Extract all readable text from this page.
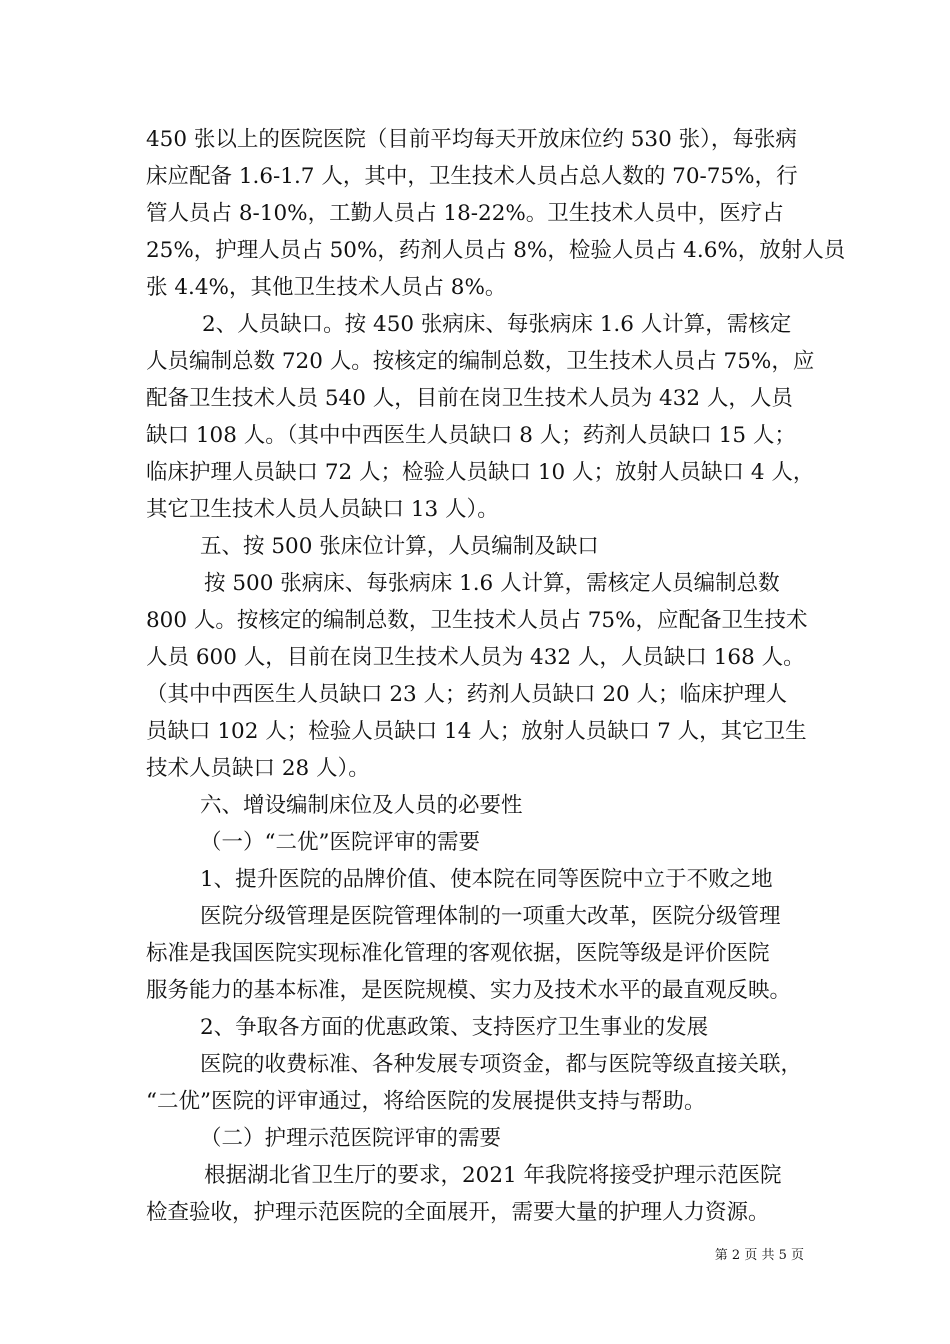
450 张以上的医院医院（目前平均每天开放床位约 530 张），每张病
床应配备 1.6-1.7 人，其中，卫生技术人员占总人数的 70-75%，行
管人员占 8-10%，工勤人员占 18-22%。卫生技术人员中，医疗占
25%，护理人员占 50%，药剂人员占 8%，检验人员占 4.6%，放射人员
张 4.4%，其他卫生技术人员占 8%。
2、人员缺口。按 450 张病床、每张病床 1.6 人计算，需核定
人员编制总数 720 人。按核定的编制总数，卫生技术人员占 75%，应
配备卫生技术人员 540 人，目前在岗卫生技术人员为 432 人，人员
缺口 108 人。（其中中西医生人员缺口 8 人；药剂人员缺口 15 人；
临床护理人员缺口 72 人；检验人员缺口 10 人；放射人员缺口 4 人，
其它卫生技术人员人员缺口 13 人）。
五、按 500 张床位计算，人员编制及缺口
按 500 张病床、每张病床 1.6 人计算，需核定人员编制总数
800 人。按核定的编制总数，卫生技术人员占 75%，应配备卫生技术
人员 600 人，目前在岗卫生技术人员为 432 人，人员缺口 168 人。
（其中中西医生人员缺口 23 人；药剂人员缺口 20 人；临床护理人
员缺口 102 人；检验人员缺口 14 人；放射人员缺口 7 人，其它卫生
技术人员缺口 28 人）。
六、增设编制床位及人员的必要性
（一）“二优”医院评审的需要
1、提升医院的品牌价值、使本院在同等医院中立于不败之地
医院分级管理是医院管理体制的一项重大改革，医院分级管理
标准是我国医院实现标准化管理的客观依据，医院等级是评价医院
服务能力的基本标准，是医院规模、实力及技术水平的最直观反映。
2、争取各方面的优惠政策、支持医疗卫生事业的发展
医院的收费标准、各种发展专项资金，都与医院等级直接关联，
“二优”医院的评审通过，将给医院的发展提供支持与帮助。
（二）护理示范医院评审的需要
根据湖北省卫生厅的要求，2021 年我院将接受护理示范医院
检查验收，护理示范医院的全面展开，需要大量的护理人力资源。
第 2 页 共 5 页
